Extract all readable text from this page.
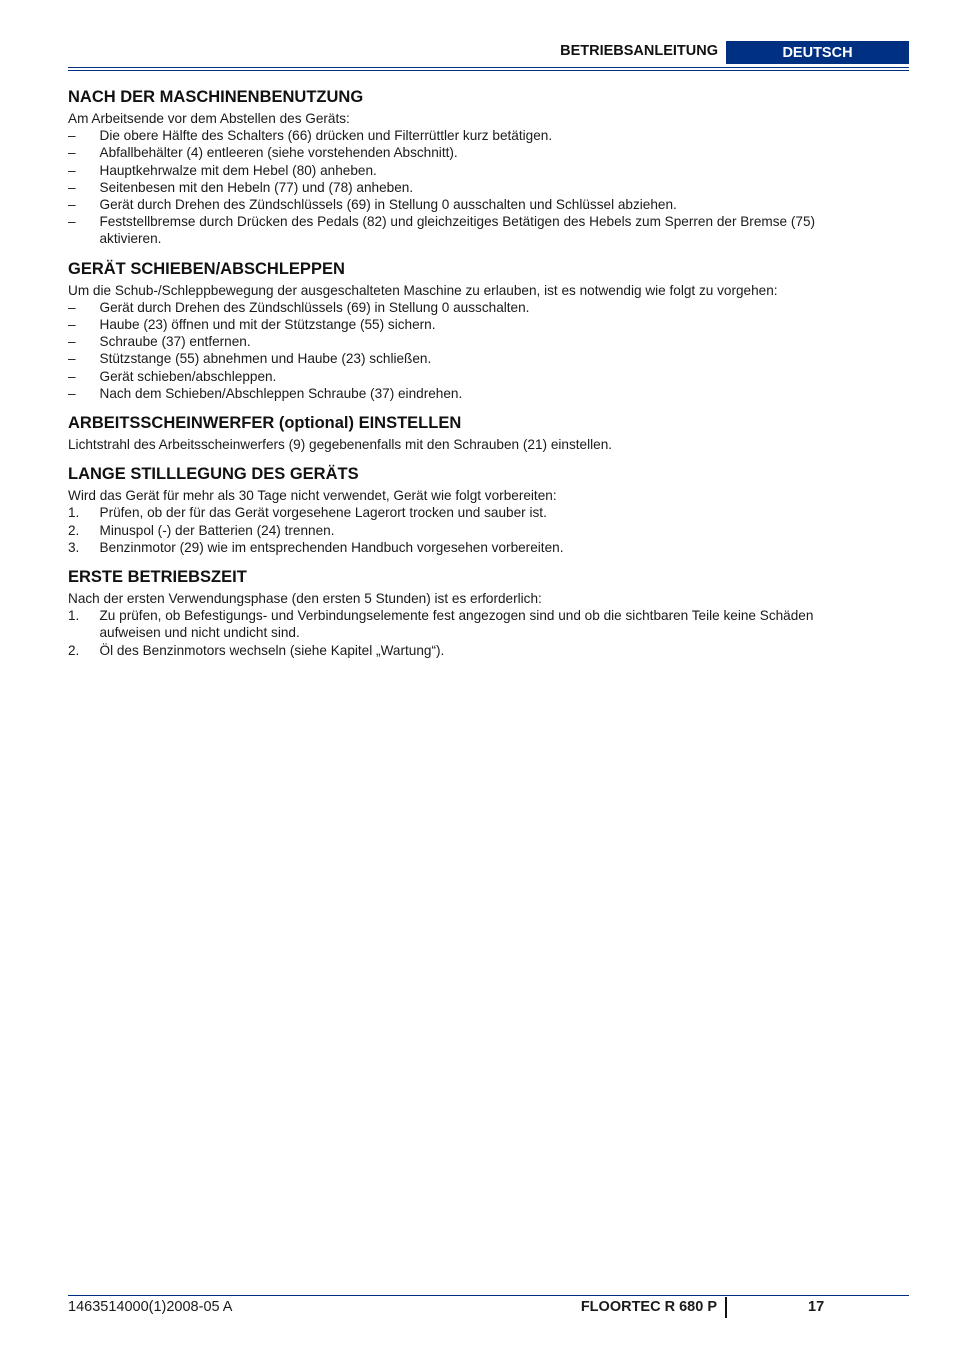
BETRIEBSANLEITUNG	DEUTSCH
NACH DER MASCHINENBENUTZUNG

Am Arbeitsende vor dem Abstellen des Geräts:

– Die obere Hälfte des Schalters (66) drücken und Filterrüttler kurz betätigen.
– Abfallbehälter (4) entleeren (siehe vorstehenden Abschnitt).
– Hauptkehrwalze mit dem Hebel (80) anheben.
– Seitenbesen mit den Hebeln (77) und (78) anheben.
– Gerät durch Drehen des Zündschlüssels (69) in Stellung 0 ausschalten und Schlüssel abziehen.
– Feststellbremse durch Drücken des Pedals (82) und gleichzeitiges Betätigen des Hebels zum Sperren der Bremse (75) aktivieren.
GERÄT SCHIEBEN/ABSCHLEPPEN

Um die Schub-/Schleppbewegung der ausgeschalteten Maschine zu erlauben, ist es notwendig wie folgt zu vorgehen:

– Gerät durch Drehen des Zündschlüssels (69) in Stellung 0 ausschalten.
– Haube (23) öffnen und mit der Stützstange (55) sichern.
– Schraube (37) entfernen.
– Stützstange (55) abnehmen und Haube (23) schließen.
– Gerät schieben/abschleppen.
– Nach dem Schieben/Abschleppen Schraube (37) eindrehen.
ARBEITSSCHEINWERFER (optional) EINSTELLEN

Lichtstrahl des Arbeitsscheinwerfers (9) gegebenenfalls mit den Schrauben (21) einstellen.

LANGE STILLLEGUNG DES GERÄTS

Wird das Gerät für mehr als 30 Tage nicht verwendet, Gerät wie folgt vorbereiten:

1. Prüfen, ob der für das Gerät vorgesehene Lagerort trocken und sauber ist.
2. Minuspol (-) der Batterien (24) trennen.
3. Benzinmotor (29) wie im entsprechenden Handbuch vorgesehen vorbereiten.
ERSTE BETRIEBSZEIT

Nach der ersten Verwendungsphase (den ersten 5 Stunden) ist es erforderlich:

1. Zu prüfen, ob Befestigungs- und Verbindungselemente fest angezogen sind und ob die sichtbaren Teile keine Schäden aufweisen und nicht undicht sind.
2. Öl des Benzinmotors wechseln (siehe Kapitel „Wartung“).
1463514000(1)2008-05 A	FLOORTEC R 680 P	17
